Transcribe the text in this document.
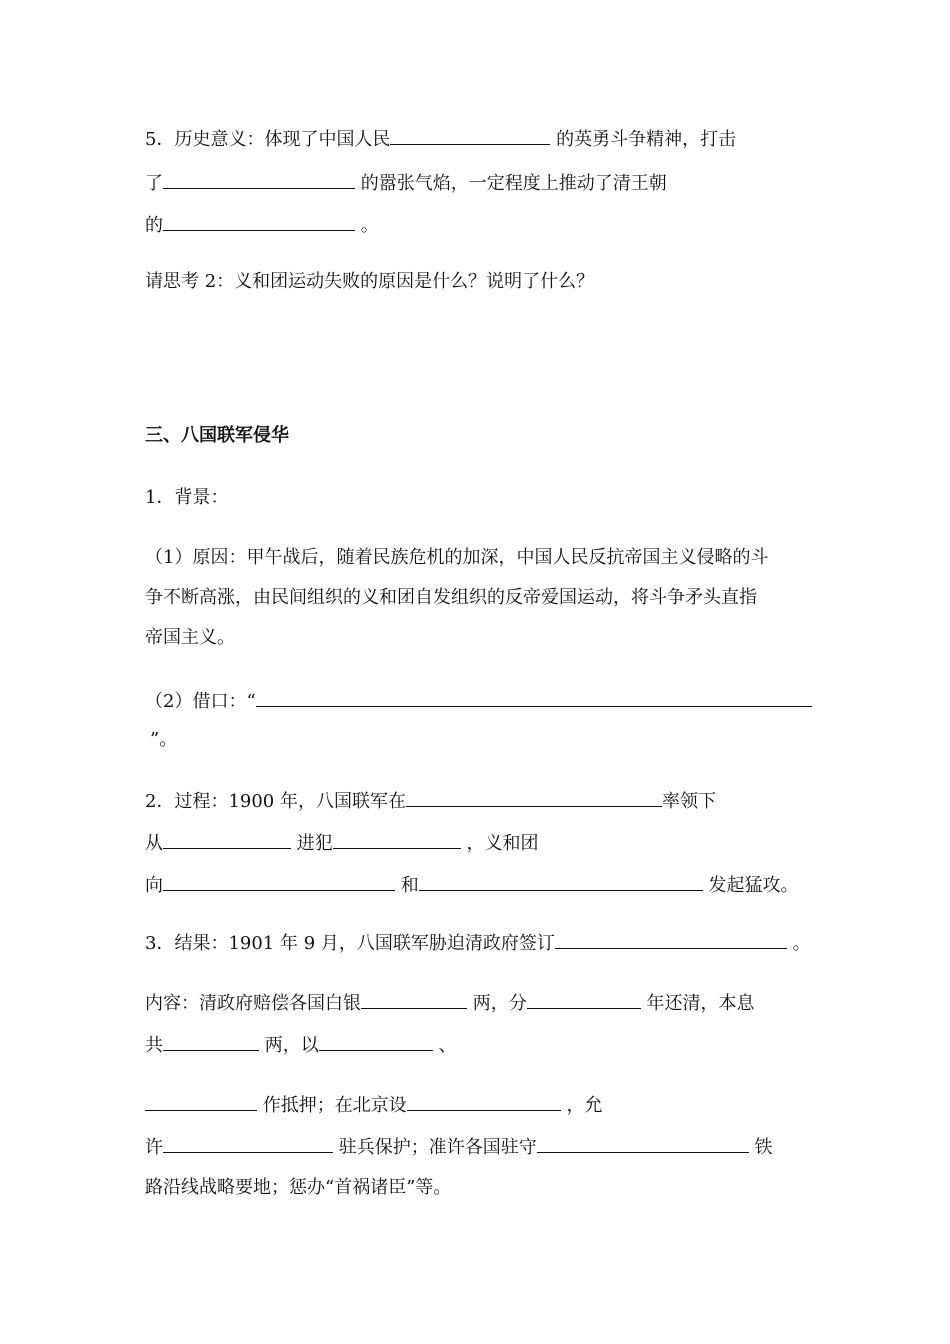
5．历史意义：体现了中国人民	的英勇斗争精神，打击
了	的嚣张气焰，一定程度上推动了清王朝
的	。
请思考 2：义和团运动失败的原因是什么？说明了什么？
三、八国联军侵华
1．背景：
（1）原因：甲午战后，随着民族危机的加深，中国人民反抗帝国主义侵略的斗
争不断高涨，由民间组织的义和团自发组织的反帝爱国运动，将斗争矛头直指
帝国主义。
（2）借口：“
”。
2．过程：1900 年，八国联军在	率领下
从	进犯	，义和团
向	和	发起猛攻。
3．结果：1901 年 9 月，八国联军胁迫清政府签订	。
内容：清政府赔偿各国白银	两，分	年还清，本息
共	两，以	、
作抵押；在北京设	，允
许	驻兵保护；准许各国驻守	铁
路沿线战略要地；惩办“首祸诸臣”等。
